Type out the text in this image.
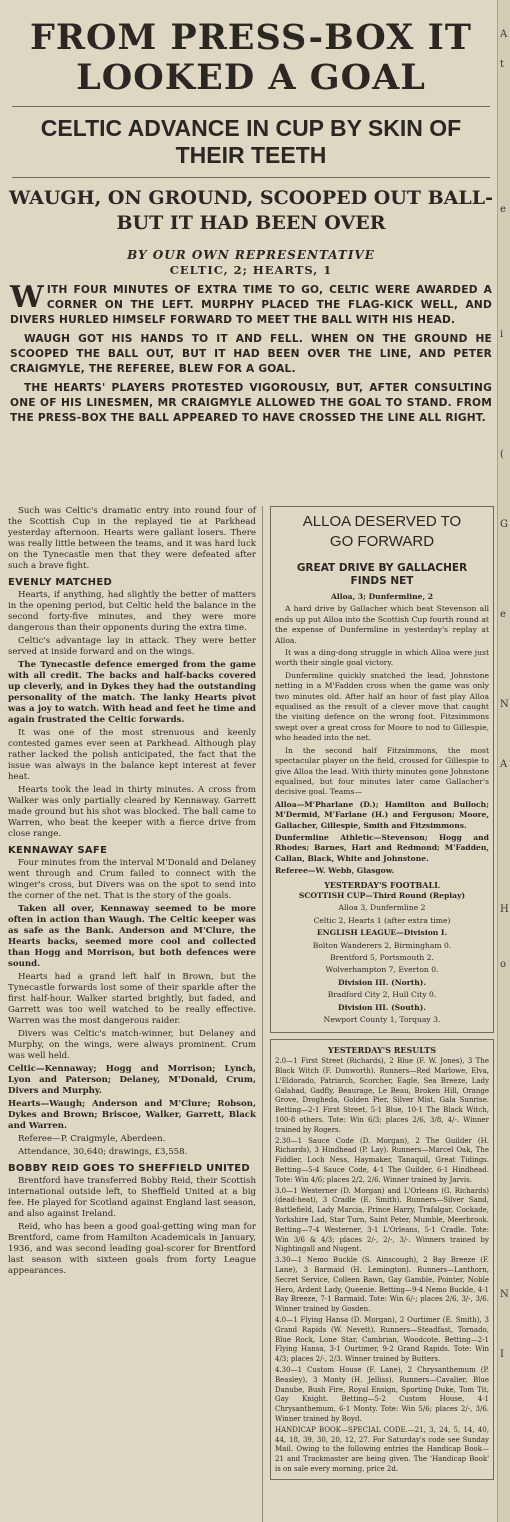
FROM PRESS-BOX IT
LOOKED A GOAL
CELTIC ADVANCE IN CUP BY SKIN OF THEIR TEETH
WAUGH, ON GROUND, SCOOPED OUT BALL-BUT IT HAD BEEN OVER
BY OUR OWN REPRESENTATIVE
CELTIC, 2; HEARTS, 1

WITH FOUR MINUTES OF EXTRA TIME TO GO, CELTIC WERE AWARDED A CORNER ON THE LEFT. MURPHY PLACED THE FLAG-KICK WELL, AND DIVERS HURLED HIMSELF FORWARD TO MEET THE BALL WITH HIS HEAD.

WAUGH GOT HIS HANDS TO IT AND FELL. WHEN ON THE GROUND HE SCOOPED THE BALL OUT, BUT IT HAD BEEN OVER THE LINE, AND PETER CRAIGMYLE, THE REFEREE, BLEW FOR A GOAL.

THE HEARTS' PLAYERS PROTESTED VIGOROUSLY, BUT, AFTER CONSULTING ONE OF HIS LINESMEN, MR CRAIGMYLE ALLOWED THE GOAL TO STAND. FROM THE PRESS-BOX THE BALL APPEARED TO HAVE CROSSED THE LINE ALL RIGHT.

Such was Celtic's dramatic entry into round four of the Scottish Cup in the replayed tie at Parkhead yesterday afternoon. Hearts were gallant losers. There was really little between the teams, and it was hard luck on the Tynecastle men that they were defeated after such a brave fight.

EVENLY MATCHED

Hearts, if anything, had slightly the better of matters in the opening period, but Celtic held the balance in the second forty-five minutes, and they were more dangerous than their opponents during the extra time.

Celtic's advantage lay in attack. They were better served at inside forward and on the wings.

The Tynecastle defence emerged from the game with all credit. The backs and half-backs covered up cleverly, and in Dykes they had the outstanding personality of the match. The lanky Hearts pivot was a joy to watch. With head and feet he time and again frustrated the Celtic forwards.

It was one of the most strenuous and keenly contested games ever seen at Parkhead. Although play rather lacked the polish anticipated, the fact that the issue was always in the balance kept interest at fever heat.

Hearts took the lead in thirty minutes. A cross from Walker was only partially cleared by Kennaway. Garrett made ground but his shot was blocked. The ball came to Warren, who beat the keeper with a fierce drive from close range.

KENNAWAY SAFE

Four minutes from the interval M'Donald and Delaney went through and Crum failed to connect with the winger's cross, but Divers was on the spot to send into the corner of the net. That is the story of the goals.

Taken all over, Kennaway seemed to be more often in action than Waugh. The Celtic keeper was as safe as the Bank. Anderson and M'Clure, the Hearts backs, seemed more cool and collected than Hogg and Morrison, but both defences were sound.

Hearts had a grand left half in Brown, but the Tynecastle forwards lost some of their sparkle after the first half-hour. Walker started brightly, but faded, and Garrett was too well watched to be really effective. Warren was the most dangerous raider.

Divers was Celtic's match-winner, but Delaney and Murphy, on the wings, were always prominent. Crum was well held.

Celtic—Kennaway; Hogg and Morrison; Lynch, Lyon and Paterson; Delaney, M'Donald, Crum, Divers and Murphy.

Hearts—Waugh; Anderson and M'Clure; Robson, Dykes and Brown; Briscoe, Walker, Garrett, Black and Warren.

Referee—P. Craigmyle, Aberdeen.

Attendance, 30,640; drawings, £3,558.

BOBBY REID GOES TO SHEFFIELD UNITED

Brentford have transferred Bobby Reid, their Scottish international outside left, to Sheffield United at a big fee. He played for Scotland against England last season, and also against Ireland.

Reid, who has been a good goal-getting wing man for Brentford, came from Hamilton Academicals in January, 1936, and was second leading goal-scorer for Brentford last season with sixteen goals from forty League appearances.

ALLOA DESERVED TO
GO FORWARD
GREAT DRIVE BY GALLACHER
FINDS NET

Alloa, 3; Dunfermline, 2

A hard drive by Gallacher which beat Stevenson all ends up put Alloa into the Scottish Cup fourth round at the expense of Dunfermline in yesterday's replay at Alloa.

It was a ding-dong struggle in which Alloa were just worth their single goal victory.

Dunfermline quickly snatched the lead, Johnstone netting in a M'Fadden cross when the game was only two minutes old. After half an hour of fast play Alloa equalised as the result of a clever move that caught the visiting defence on the wrong foot. Fitzsimmons swept over a great cross for Moore to nod to Gillespie, who headed into the net.

In the second half Fitzsimmons, the most spectacular player on the field, crossed for Gillespie to give Alloa the lead. With thirty minutes gone Johnstone equalised, but four minutes later came Gallacher's decisive goal. Teams—

Alloa—M'Pharlane (D.); Hamilton and Bulloch; M'Dermid, M'Farlane (H.) and Ferguson; Moore, Gallacher, Gillespie, Smith and Fitzsimmons.

Dunfermline Athletic—Stevenson; Hogg and Rhodes; Barnes, Hart and Redmond; M'Fadden, Callan, Black, White and Johnstone.

Referee—W. Webb, Glasgow.

YESTERDAY'S FOOTBALL

SCOTTISH CUP—Third Round (Replay)

Alloa 3, Dunfermline 2

Celtic 2, Hearts 1 (after extra time)

ENGLISH LEAGUE—Division I.

Bolton Wanderers 2, Birmingham 0.

Brentford 5, Portsmouth 2.

Wolverhampton 7, Everton 0.

Division III. (North).

Bradford City 2, Hull City 0.

Division III. (South).

Newport County 1, Torquay 3.

YESTERDAY'S RESULTS

2.0—1 First Street (Richards), 2 Blue (F. W. Jones), 3 The Black Witch (F. Dunworth). Runners—Red Marlowe, Elva, L'Eldorado, Patriarch, Scorcher, Eagle, Sea Breeze, Lady Galahad, Gadfly, Beaurage, Le Beau, Broken Hill, Orange Grove, Drogheda, Golden Pier, Silver Mist, Gala Sunrise. Betting—2-1 First Street, 5-1 Blue, 10-1 The Black Witch, 100-8 others. Tote: Win 6/3; places 2/6, 3/8, 4/-. Winner trained by Rogers.

2.30—1 Sauce Code (D. Morgan), 2 The Guilder (H. Richards), 3 Hindhead (P. Lay). Runners—Marcel Oak, The Fiddler, Loch Ness, Haymaker, Tanaquil, Great Tidings. Betting—5-4 Sauce Code, 4-1 The Guilder, 6-1 Hindhead. Tote: Win 4/6; places 2/2, 2/6. Winner trained by Jarvis.

3.0—1 Westerner (D. Morgan) and L'Orleans (G. Richards) (dead-heat), 3 Cradle (E. Smith). Runners—Silver Sand, Battlefield, Lady Marcia, Prince Harry, Trafalgar, Cockade, Yorkshire Lad, Star Turn, Saint Peter, Mumble, Meerbrook. Betting—7-4 Westerner, 3-1 L'Orleans, 5-1 Cradle. Tote: Win 3/6 & 4/3; places 2/-, 2/-, 3/-. Winners trained by Nightingall and Nugent.

3.30—1 Nemo Buckle (S. Ainscough), 2 Bay Breeze (F. Lane), 3 Barmaid (H. Lemington). Runners—Lanthorn, Secret Service, Colleen Bawn, Gay Gamble, Pointer, Noble Hero, Ardent Lady, Queenie. Betting—9-4 Nemo Buckle, 4-1 Bay Breeze, 7-1 Barmaid. Tote: Win 6/-; places 2/6, 3/-, 3/6. Winner trained by Gosden.

4.0—1 Flying Hansa (D. Morgan), 2 Ourtimer (E. Smith), 3 Grand Rapids (W. Nevett). Runners—Steadfast, Tornado, Blue Rock, Lone Star, Cambrian, Woodcote. Betting—2-1 Flying Hansa, 3-1 Ourtimer, 9-2 Grand Rapids. Tote: Win 4/3; places 2/-, 2/3. Winner trained by Butters.

4.30—1 Custom House (F. Lane), 2 Chrysanthemum (P. Beasley), 3 Monty (H. Jelliss). Runners—Cavalier, Blue Danube, Bush Fire, Royal Ensign, Sporting Duke, Tom Tit, Gay Knight. Betting—5-2 Custom House, 4-1 Chrysanthemum, 6-1 Monty. Tote: Win 5/6; places 2/-, 3/6. Winner trained by Boyd.

HANDICAP BOOK—SPECIAL CODE.—21, 3, 24, 5, 14, 40, 44, 18, 39, 30, 20, 12, 27. For Saturday's code see Sunday Mail. Owing to the following entries the Handicap Book—21 and Trackmaster are being given. The 'Handicap Book' is on sale every morning, price 2d.

A
t
e
i
(
G
e
N
A
H
o
N
I
